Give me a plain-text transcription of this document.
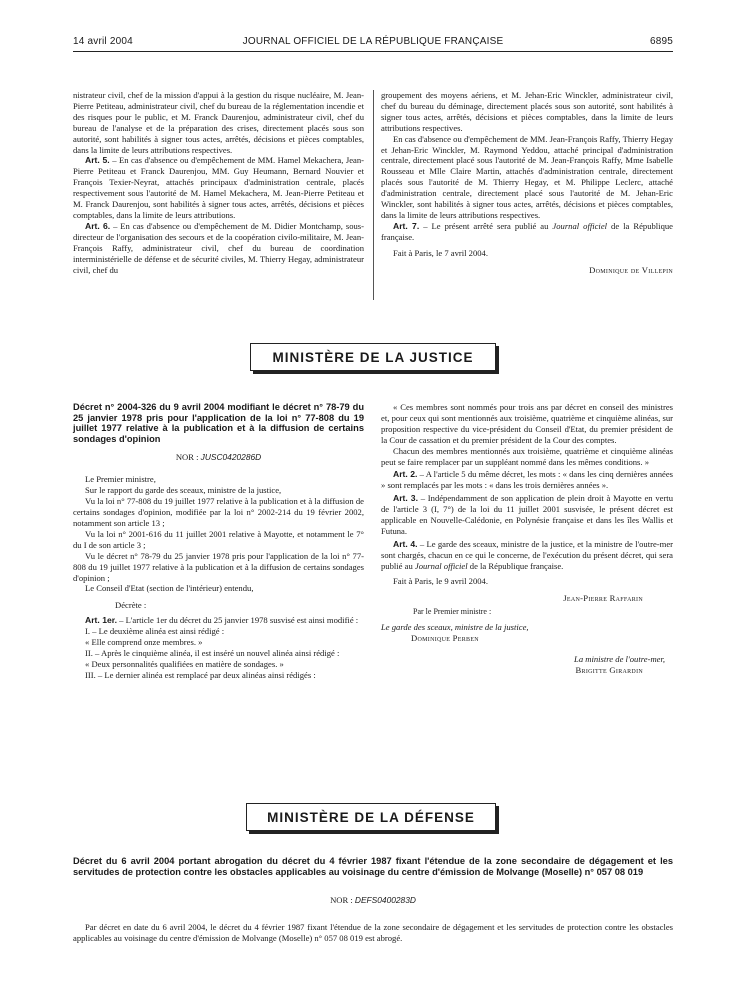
14 avril 2004	JOURNAL OFFICIEL DE LA RÉPUBLIQUE FRANÇAISE	6895

nistrateur civil, chef de la mission d'appui à la gestion du risque nucléaire, M. Jean-Pierre Petiteau, administrateur civil, chef du bureau de la réglementation incendie et des risques pour le public, et M. Franck Daurenjou, administrateur civil, chef du bureau de l'analyse et de la préparation des crises, directement placés sous son autorité, sont habilités à signer tous actes, arrêtés, décisions et pièces comptables, dans la limite de leurs attributions respectives.

Art. 5. – En cas d'absence ou d'empêchement de MM. Hamel Mekachera, Jean-Pierre Petiteau et Franck Daurenjou, MM. Guy Heumann, Bernard Nouvier et François Texier-Neyrat, attachés principaux d'administration centrale, placés respectivement sous l'autorité de M. Hamel Mekachera, M. Jean-Pierre Petiteau et M. Franck Daurenjou, sont habilités à signer tous actes, arrêtés, décisions et pièces comptables, dans la limite de leurs attributions.

Art. 6. – En cas d'absence ou d'empêchement de M. Didier Montchamp, sous-directeur de l'organisation des secours et de la coopération civilo-militaire, M. Jean-François Raffy, administrateur civil, chef du bureau de coordination interministérielle de défense et de sécurité civiles, M. Thierry Hegay, administrateur civil, chef du

groupement des moyens aériens, et M. Jehan-Eric Winckler, administrateur civil, chef du bureau du déminage, directement placés sous son autorité, sont habilités à signer tous actes, arrêtés, décisions et pièces comptables, dans la limite de leurs attributions respectives.

En cas d'absence ou d'empêchement de MM. Jean-François Raffy, Thierry Hegay et Jehan-Eric Winckler, M. Raymond Yeddou, attaché principal d'administration centrale, directement placé sous l'autorité de M. Jean-François Raffy, Mme Isabelle Rousseau et Mlle Claire Martin, attachés d'administration centrale, directement placés sous l'autorité de M. Thierry Hegay, et M. Philippe Leclerc, attaché d'administration centrale, directement placé sous l'autorité de M. Jehan-Eric Winckler, sont habilités à signer tous actes, arrêtés, décisions et pièces comptables, dans la limite de leurs attributions respectives.

Art. 7. – Le présent arrêté sera publié au Journal officiel de la République française.

Fait à Paris, le 7 avril 2004.

Dominique de Villepin

MINISTÈRE DE LA JUSTICE
Décret n° 2004-326 du 9 avril 2004 modifiant le décret n° 78-79 du 25 janvier 1978 pris pour l'application de la loi n° 77-808 du 19 juillet 1977 relative à la publication et à la diffusion de certains sondages d'opinion
NOR : JUSC0420286D

Le Premier ministre,

Sur le rapport du garde des sceaux, ministre de la justice,

Vu la loi n° 77-808 du 19 juillet 1977 relative à la publication et à la diffusion de certains sondages d'opinion, modifiée par la loi n° 2002-214 du 19 février 2002, notamment son article 13 ;

Vu la loi n° 2001-616 du 11 juillet 2001 relative à Mayotte, et notamment le 7° du I de son article 3 ;

Vu le décret n° 78-79 du 25 janvier 1978 pris pour l'application de la loi n° 77-808 du 19 juillet 1977 relative à la publication et à la diffusion de certains sondages d'opinion ;

Le Conseil d'Etat (section de l'intérieur) entendu,

Décrète :

Art. 1er. – L'article 1er du décret du 25 janvier 1978 susvisé est ainsi modifié :

I. – Le deuxième alinéa est ainsi rédigé :

« Elle comprend onze membres. »

II. – Après le cinquième alinéa, il est inséré un nouvel alinéa ainsi rédigé :

« Deux personnalités qualifiées en matière de sondages. »

III. – Le dernier alinéa est remplacé par deux alinéas ainsi rédigés :

« Ces membres sont nommés pour trois ans par décret en conseil des ministres et, pour ceux qui sont mentionnés aux troisième, quatrième et cinquième alinéas, sur proposition respective du vice-président du Conseil d'Etat, du premier président de la Cour de cassation et du premier président de la Cour des comptes.

Chacun des membres mentionnés aux troisième, quatrième et cinquième alinéas peut se faire remplacer par un suppléant nommé dans les mêmes conditions. »

Art. 2. – A l'article 5 du même décret, les mots : « dans les cinq dernières années » sont remplacés par les mots : « dans les trois dernières années ».

Art. 3. – Indépendamment de son application de plein droit à Mayotte en vertu de l'article 3 (I, 7°) de la loi du 11 juillet 2001 susvisée, le présent décret est applicable en Nouvelle-Calédonie, en Polynésie française et dans les îles Wallis et Futuna.

Art. 4. – Le garde des sceaux, ministre de la justice, et la ministre de l'outre-mer sont chargés, chacun en ce qui le concerne, de l'exécution du présent décret, qui sera publié au Journal officiel de la République française.

Fait à Paris, le 9 avril 2004.

Jean-Pierre Raffarin

Par le Premier ministre :

Le garde des sceaux, ministre de la justice,

Dominique Perben

La ministre de l'outre-mer,

Brigitte Girardin

MINISTÈRE DE LA DÉFENSE
Décret du 6 avril 2004 portant abrogation du décret du 4 février 1987 fixant l'étendue de la zone secondaire de dégagement et les servitudes de protection contre les obstacles applicables au voisinage du centre d'émission de Molvange (Moselle) n° 057 08 019
NOR : DEFS0400283D

Par décret en date du 6 avril 2004, le décret du 4 février 1987 fixant l'étendue de la zone secondaire de dégagement et les servitudes de protection contre les obstacles applicables au voisinage du centre d'émission de Molvange (Moselle) n° 057 08 019 est abrogé.
